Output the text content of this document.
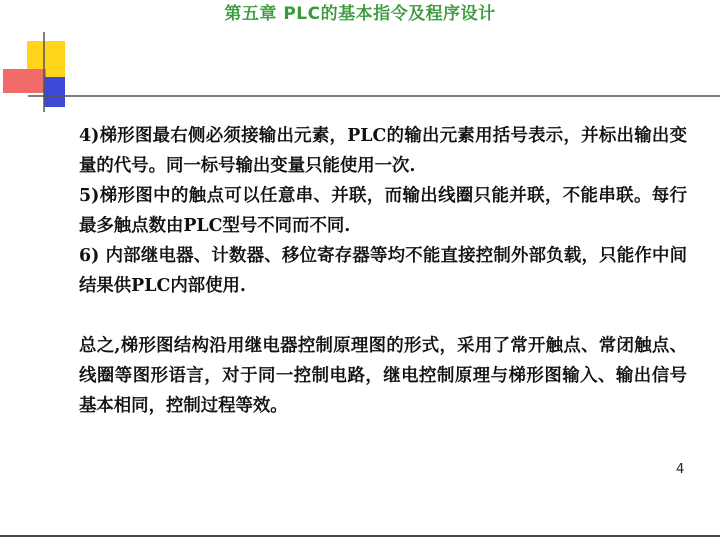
第五章 PLC的基本指令及程序设计

4)梯形图最右侧必须接输出元素，PLC的输出元素用括号表示，并标出输出变量的代号。同一标号输出变量只能使用一次.

5)梯形图中的触点可以任意串、并联，而输出线圈只能并联，不能串联。每行最多触点数由PLC型号不同而不同.

6) 内部继电器、计数器、移位寄存器等均不能直接控制外部负载，只能作中间结果供PLC内部使用.

总之,梯形图结构沿用继电器控制原理图的形式，采用了常开触点、常闭触点、线圈等图形语言，对于同一控制电路，继电控制原理与梯形图输入、输出信号基本相同，控制过程等效。

4
